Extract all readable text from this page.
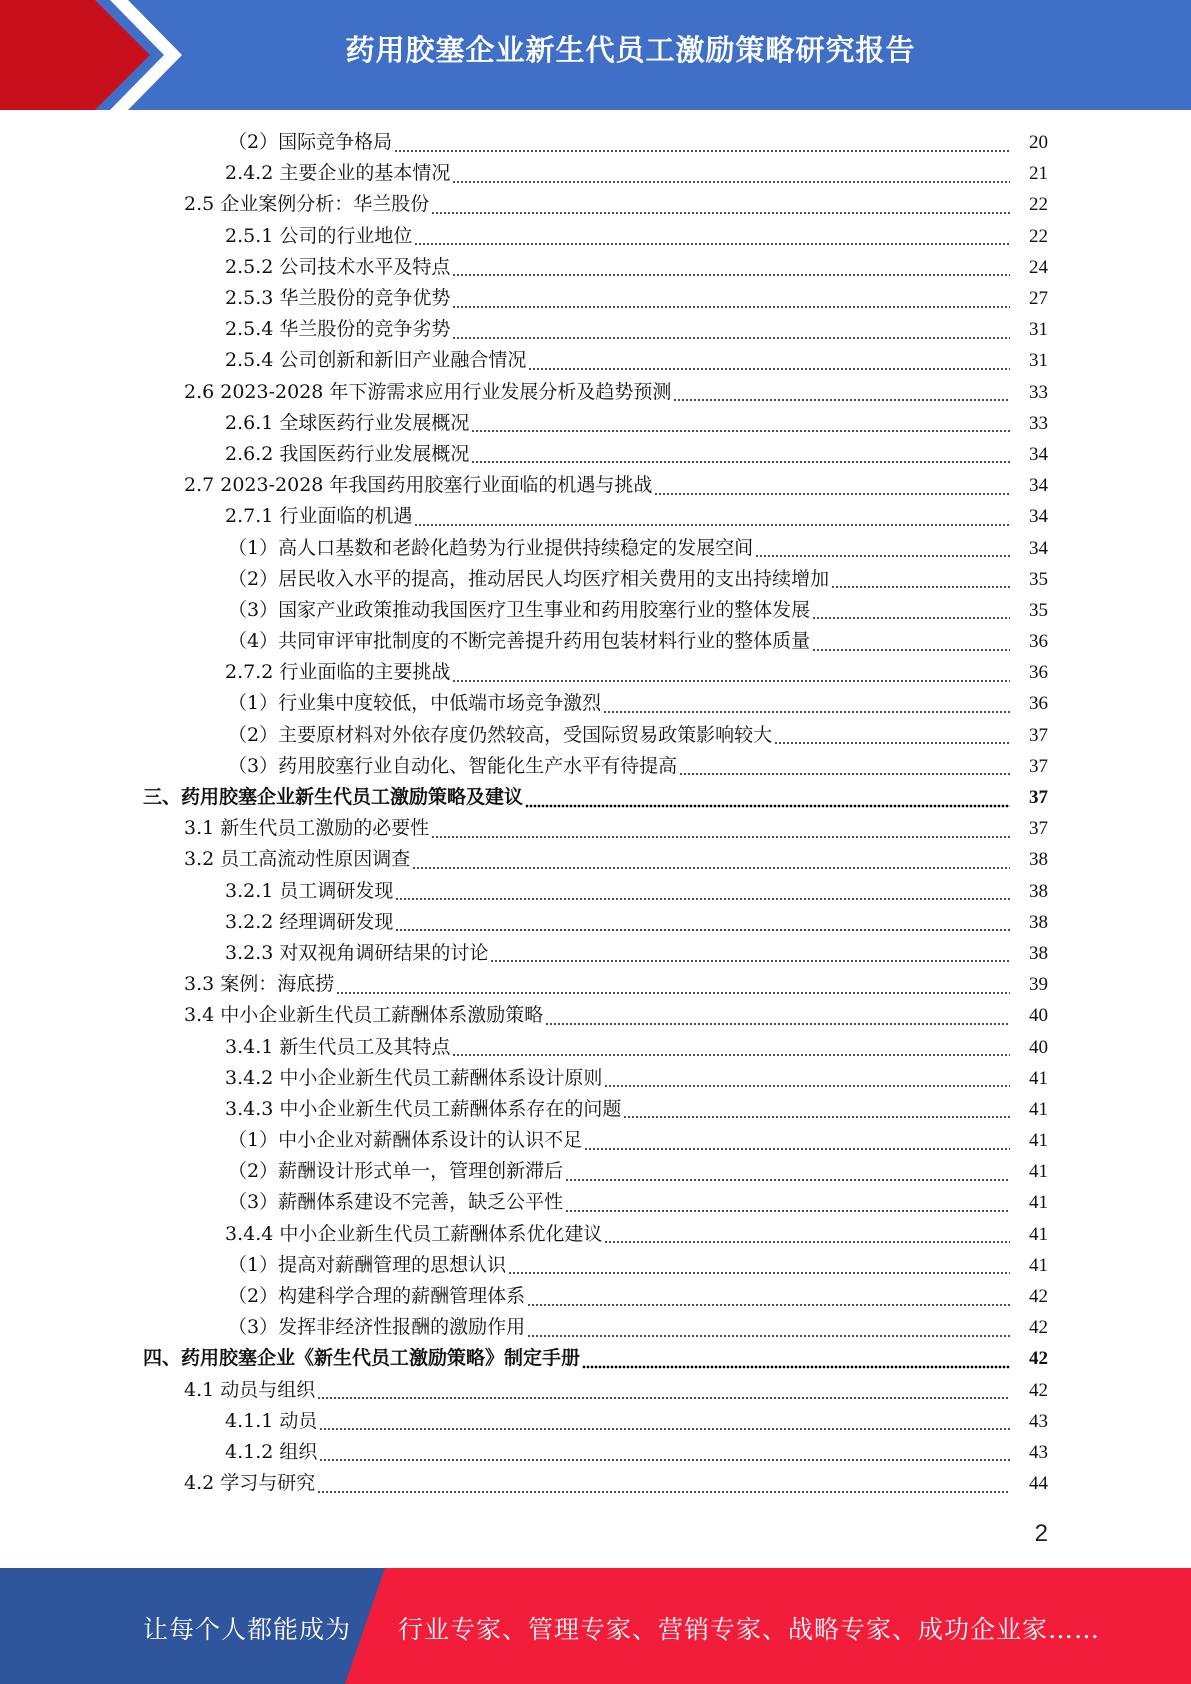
药用胶塞企业新生代员工激励策略研究报告
（2）国际竞争格局	20
2.4.2 主要企业的基本情况	21
2.5 企业案例分析：华兰股份	22
2.5.1 公司的行业地位	22
2.5.2 公司技术水平及特点	24
2.5.3 华兰股份的竞争优势	27
2.5.4 华兰股份的竞争劣势	31
2.5.4 公司创新和新旧产业融合情况	31
2.6 2023-2028 年下游需求应用行业发展分析及趋势预测	33
2.6.1 全球医药行业发展概况	33
2.6.2 我国医药行业发展概况	34
2.7 2023-2028 年我国药用胶塞行业面临的机遇与挑战	34
2.7.1 行业面临的机遇	34
（1）高人口基数和老龄化趋势为行业提供持续稳定的发展空间	34
（2）居民收入水平的提高，推动居民人均医疗相关费用的支出持续增加	35
（3）国家产业政策推动我国医疗卫生事业和药用胶塞行业的整体发展	35
（4）共同审评审批制度的不断完善提升药用包装材料行业的整体质量	36
2.7.2 行业面临的主要挑战	36
（1）行业集中度较低，中低端市场竞争激烈	36
（2）主要原材料对外依存度仍然较高，受国际贸易政策影响较大	37
（3）药用胶塞行业自动化、智能化生产水平有待提高	37
三、药用胶塞企业新生代员工激励策略及建议	37
3.1 新生代员工激励的必要性	37
3.2 员工高流动性原因调查	38
3.2.1 员工调研发现	38
3.2.2 经理调研发现	38
3.2.3 对双视角调研结果的讨论	38
3.3 案例：海底捞	39
3.4 中小企业新生代员工薪酬体系激励策略	40
3.4.1 新生代员工及其特点	40
3.4.2 中小企业新生代员工薪酬体系设计原则	41
3.4.3 中小企业新生代员工薪酬体系存在的问题	41
（1）中小企业对薪酬体系设计的认识不足	41
（2）薪酬设计形式单一，管理创新滞后	41
（3）薪酬体系建设不完善，缺乏公平性	41
3.4.4 中小企业新生代员工薪酬体系优化建议	41
（1）提高对薪酬管理的思想认识	41
（2）构建科学合理的薪酬管理体系	42
（3）发挥非经济性报酬的激励作用	42
四、药用胶塞企业《新生代员工激励策略》制定手册	42
4.1 动员与组织	42
4.1.1 动员	43
4.1.2 组织	43
4.2 学习与研究	44
2
让每个人都能成为 行业专家、管理专家、营销专家、战略专家、成功企业家……
